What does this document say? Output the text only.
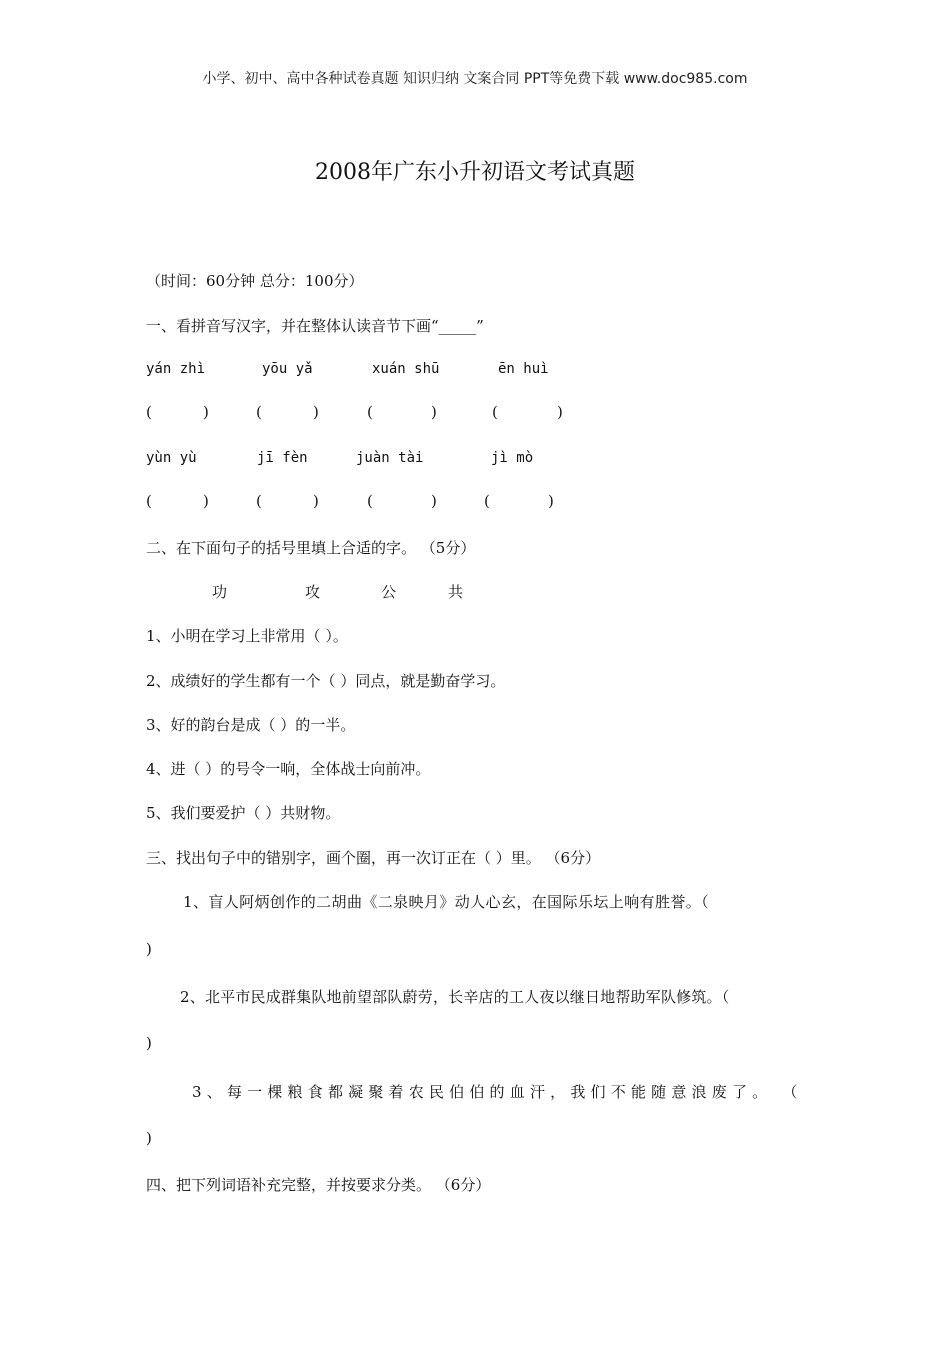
小学、初中、高中各种试卷真题 知识归纳 文案合同 PPT等免费下载 www.doc985.com
2008年广东小升初语文考试真题
（时间：60分钟 总分：100分）
一、看拼音写汉字，并在整体认读音节下画“_____”
yán zhì	yōu yǎ	xuán shū	ēn huì
(	)	(	)	(	)	(	)
yùn yù	jī fèn	juàn tài	jì mò
(	)	(	)	(	)	(	)
二、在下面句子的括号里填上合适的字。 （5分）
功	攻	公	共
1、小明在学习上非常用（ ）。
2、成绩好的学生都有一个（ ）同点，就是勤奋学习。
3、好的韵台是成（ ）的一半。
4、进（ ）的号令一响，全体战士向前冲。
5、我们要爱护（ ）共财物。
三、找出句子中的错别字，画个圈，再一次订正在（ ）里。 （6分）
1、盲人阿炳创作的二胡曲《二泉映月》动人心玄，在国际乐坛上响有胜誉。（
)
2、北平市民成群集队地前望部队蔚劳，长辛店的工人夜以继日地帮助军队修筑。（
)
3、每一棵粮食都凝聚着农民伯伯的血汗，我们不能随意浪废了。 （
)
四、把下列词语补充完整，并按要求分类。 （6分）
